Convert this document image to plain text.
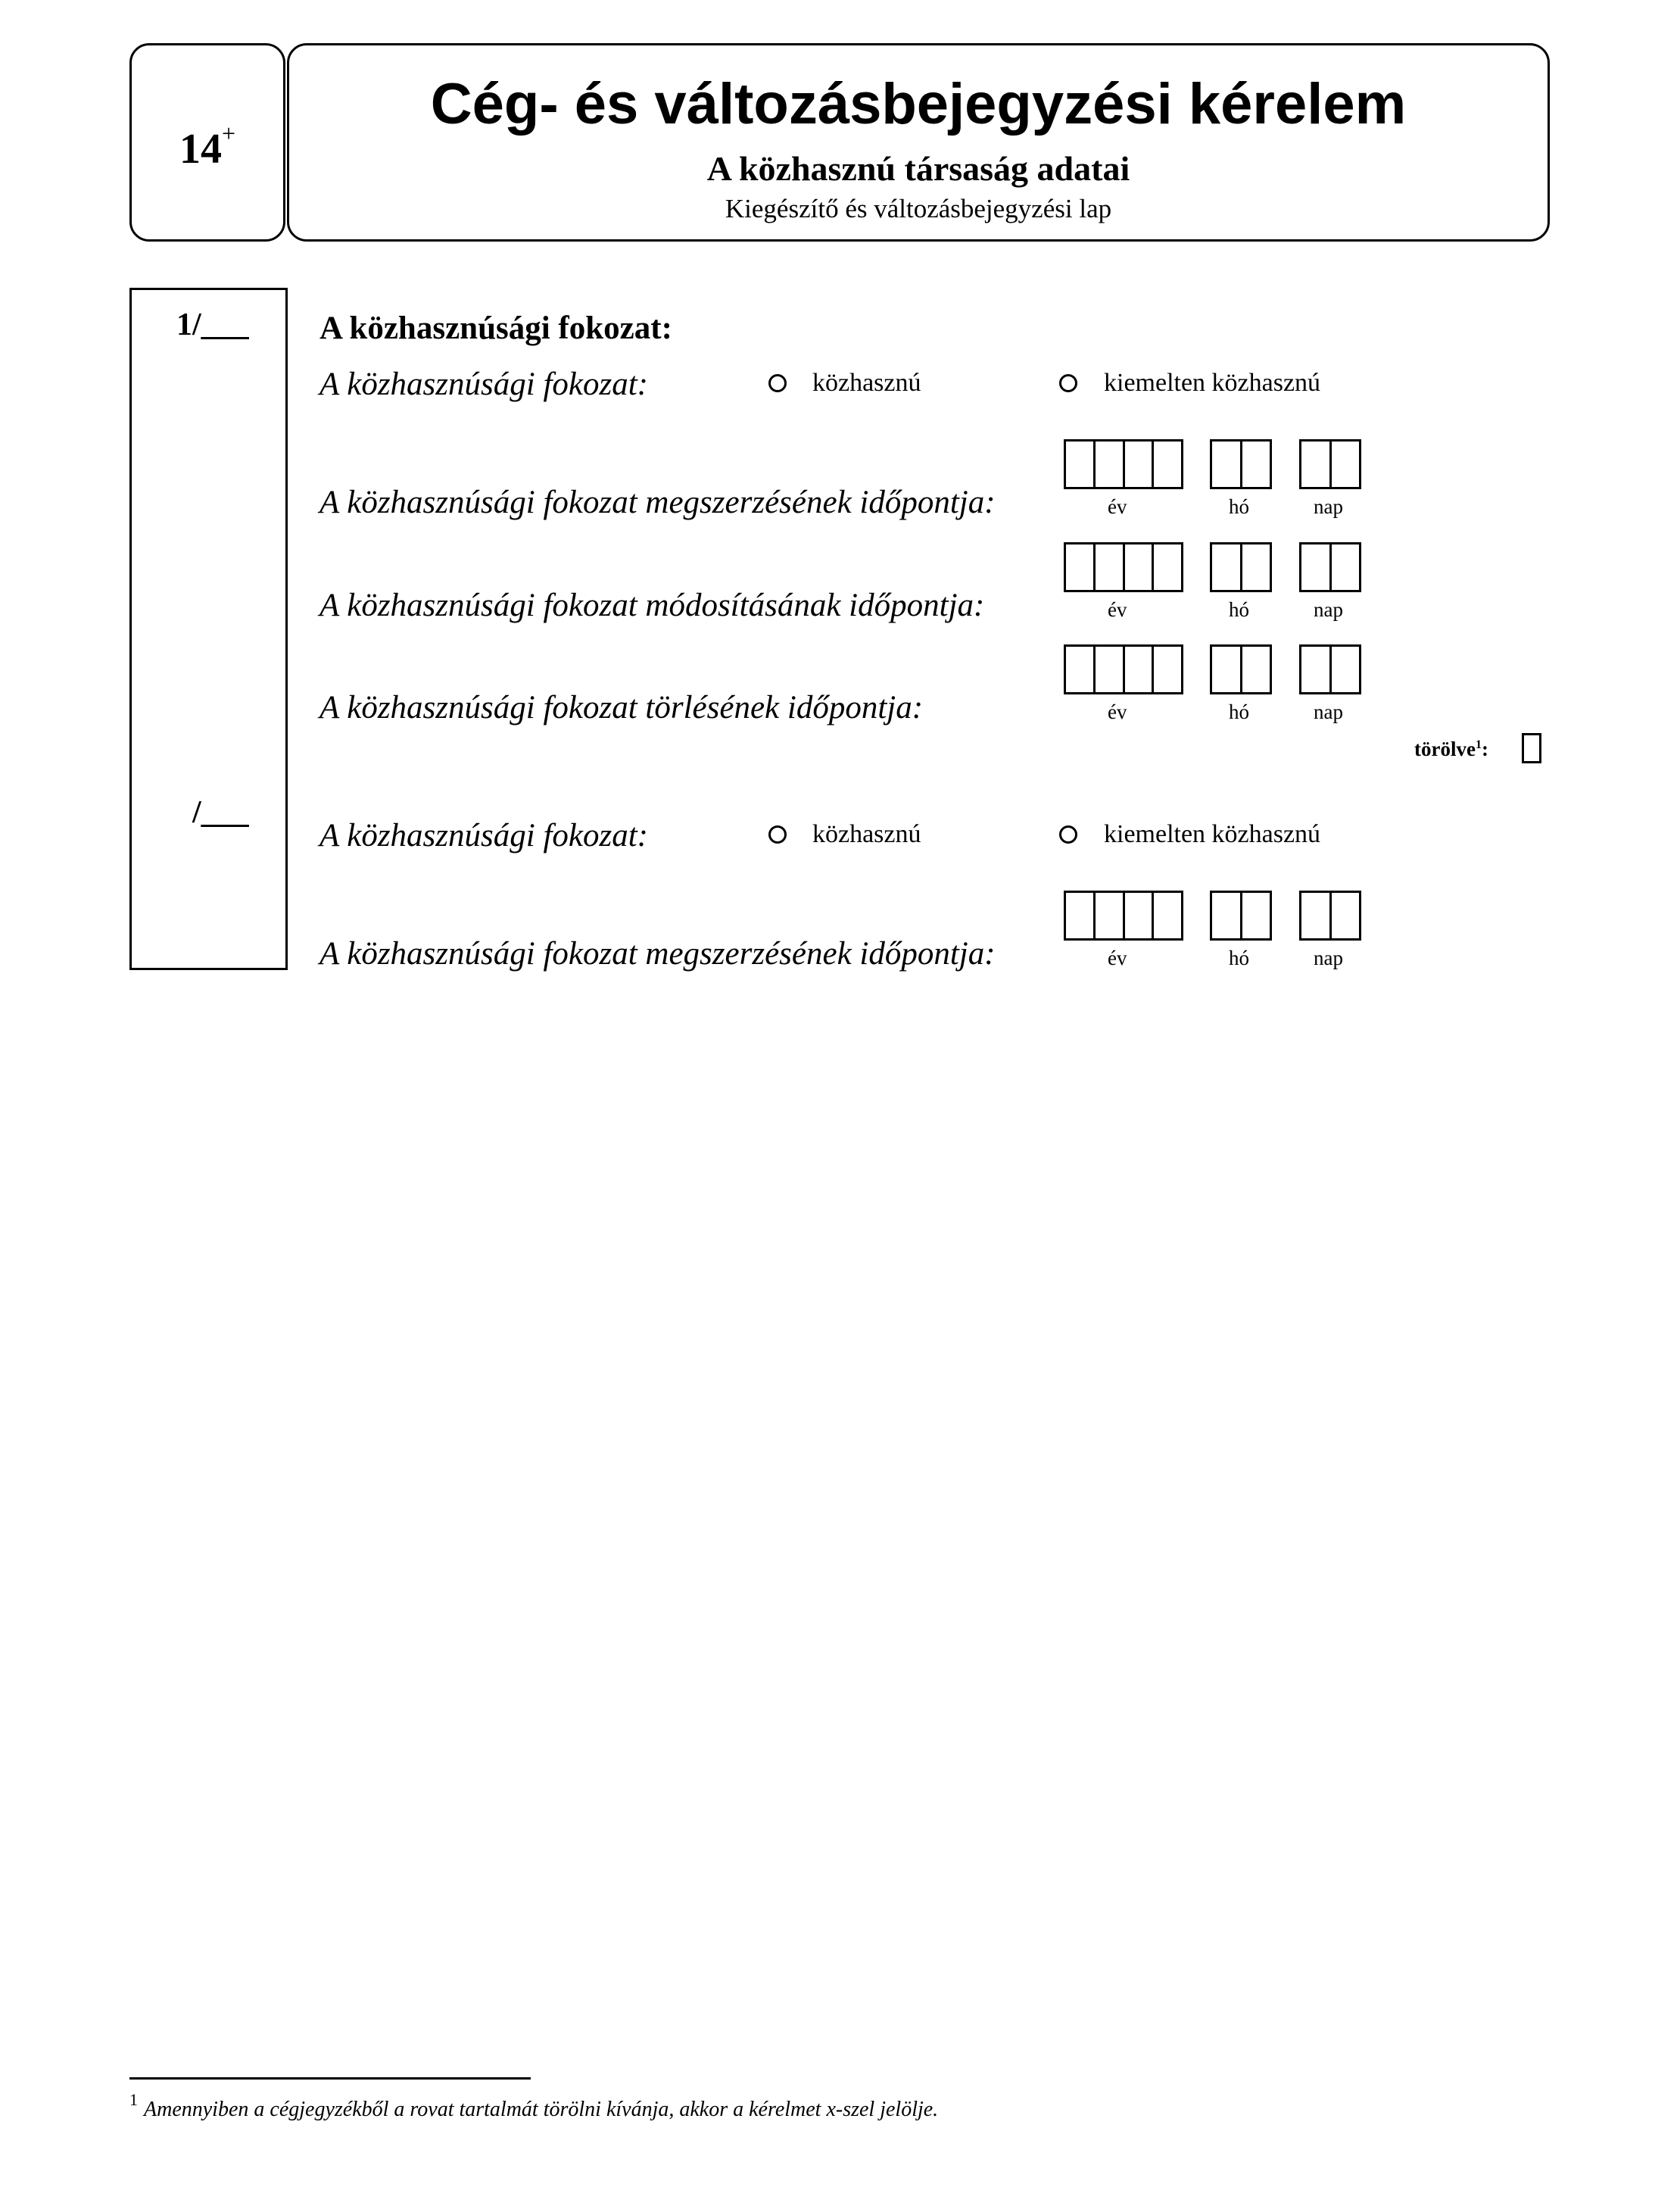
14+	Cég- és változásbejegyzési kérelem
A közhasznú társaság adatai
Kiegészítő és változásbejegyzési lap
1/___
/___
A közhasznúsági fokozat:
A közhasznúsági fokozat:	közhasznú	kiemelten közhasznú
A közhasznúsági fokozat megszerzésének időpontja:	év	hó	nap
A közhasznúsági fokozat módosításának időpontja:	év	hó	nap
A közhasznúsági fokozat törlésének időpontja:	év	hó	nap
törölve$^1$:
A közhasznúsági fokozat:	közhasznú	kiemelten közhasznú
A közhasznúsági fokozat megszerzésének időpontja:	év	hó	nap
1 Amennyiben a cégjegyzékből a rovat tartalmát törölni kívánja, akkor a kérelmet x-szel jelölje.
